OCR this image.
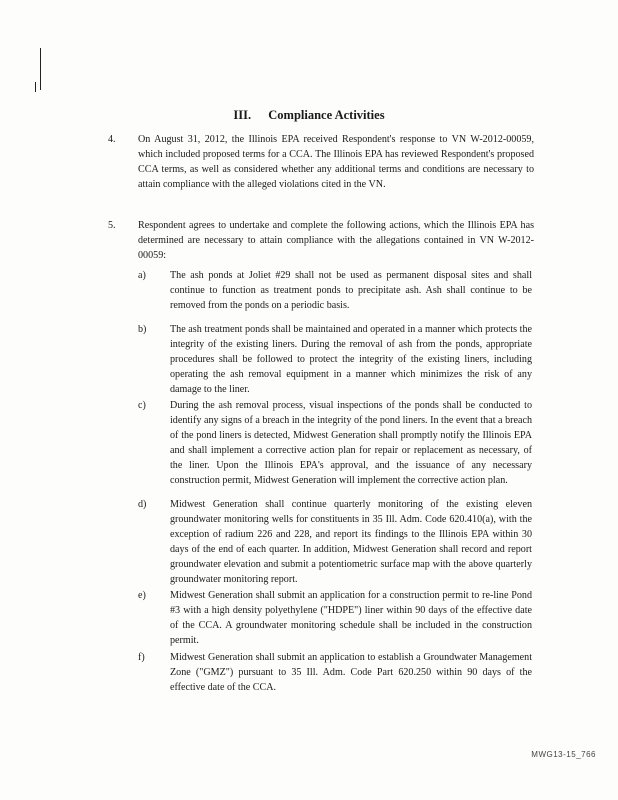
III. Compliance Activities
4. On August 31, 2012, the Illinois EPA received Respondent's response to VN W-2012-00059, which included proposed terms for a CCA. The Illinois EPA has reviewed Respondent's proposed CCA terms, as well as considered whether any additional terms and conditions are necessary to attain compliance with the alleged violations cited in the VN.
5. Respondent agrees to undertake and complete the following actions, which the Illinois EPA has determined are necessary to attain compliance with the allegations contained in VN W-2012-00059:
a) The ash ponds at Joliet #29 shall not be used as permanent disposal sites and shall continue to function as treatment ponds to precipitate ash. Ash shall continue to be removed from the ponds on a periodic basis.
b) The ash treatment ponds shall be maintained and operated in a manner which protects the integrity of the existing liners. During the removal of ash from the ponds, appropriate procedures shall be followed to protect the integrity of the existing liners, including operating the ash removal equipment in a manner which minimizes the risk of any damage to the liner.
c) During the ash removal process, visual inspections of the ponds shall be conducted to identify any signs of a breach in the integrity of the pond liners. In the event that a breach of the pond liners is detected, Midwest Generation shall promptly notify the Illinois EPA and shall implement a corrective action plan for repair or replacement as necessary, of the liner. Upon the Illinois EPA's approval, and the issuance of any necessary construction permit, Midwest Generation will implement the corrective action plan.
d) Midwest Generation shall continue quarterly monitoring of the existing eleven groundwater monitoring wells for constituents in 35 Ill. Adm. Code 620.410(a), with the exception of radium 226 and 228, and report its findings to the Illinois EPA within 30 days of the end of each quarter. In addition, Midwest Generation shall record and report groundwater elevation and submit a potentiometric surface map with the above quarterly groundwater monitoring report.
e) Midwest Generation shall submit an application for a construction permit to re-line Pond #3 with a high density polyethylene ("HDPE") liner within 90 days of the effective date of the CCA. A groundwater monitoring schedule shall be included in the construction permit.
f)	Midwest Generation shall submit an application to establish a Groundwater Management Zone ("GMZ") pursuant to 35 Ill. Adm. Code Part 620.250 within 90 days of the effective date of the CCA.
MWG13-15_766
